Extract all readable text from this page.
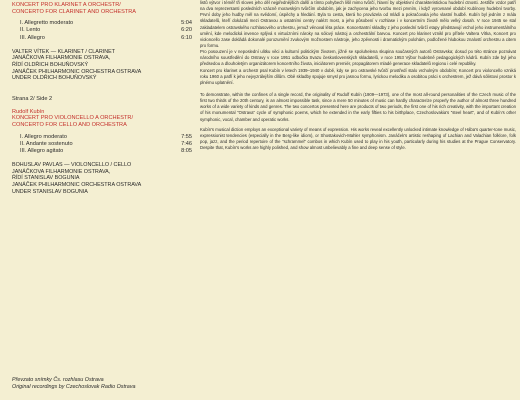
KONCERT PRO KLARINET A ORCHESTR/
CONCERTO FOR CLARINET AND ORCHESTRA
I. Allegretto moderato	5:04
II. Lento	6:20
III. Allegro	6:10
VALTER VÍTEK — KLARINET / CLARINET
JANÁČKOVA FILHARMONIE OSTRAVA,
ŘÍDÍ OLDŘICH BOHUŇOVSKÝ
JANÁČEK PHILHARMONIC ORCHESTRA OSTRAVA
UNDER OLDŘICH BOHUŇOVSKÝ
Strana 2/ Side 2
Rudolf Kubín
KONCERT PRO VIOLONCELLO A ORCHESTR/
CONCERTO FOR CELLO AND ORCHESTRA
I. Allegro moderato	7:55
II. Andante sostenuto	7:46
III. Allegro agitato	8:05
BOHUSLAV PAVLAS — VIOLONCELLO / CELLO
JANÁČKOVA FILHARMONIE OSTRAVA,
ŘÍDÍ STANISLAV BOGUNIA
JANÁČEK PHILHARMONIC ORCHESTRA OSTRAVA
UNDER STANISLAV BOGUNIA
Převzato snímky Čs. rozhlasu Ostrava
Original recordings by Czechoslovak Radio Ostrava

listů výtvor i téměř tři sloves jeho děl nejpřednějších další a tímto pohybech lišil mimo tvůrčí, hlavní by objektivní charakteristickou hudební ctnosti. Jestliže vzdor patří na dva reprezentanti posledních vzácně moravským tvůrčím obdobím, jak je zachycena jeho tvorbu mezi prvním, i když vyrovnané období Kubínovy hudební tvorby. První doby jeho hudby měl na svědomí, úspěchy a hledání. Byla to cesta, která ho provázela od mládí a pokračovala jeho vlastní hudbě. Kubín byl jedním z mála skladatelů, kteří dokázali mezi Ostravou a ostatními centry nalézt most, a jeho působení v rozhlase i v koncertním životě mělo velký dosah. V roce 1945 se stal zakladatelem ostravského rozhlasového orchestru, jemuž věnoval léta práce. Koncertantní skladby z jeho poslední tvůrčí etapy představují vrchol jeho instrumentálního umění, kde melodická invence splývá s virtuózními nároky na sólový nástroj a orchestrální barvou. Koncert pro klarinet vznikl pro přítele Valtera Vítka, Koncert pro violoncello zase dokládá dokonalé porozumění zvukovým možnostem nástroje, jeho zpěvnosti i dramatickým polohám, podložené hlubokou znalostí orchestru a citem pro formu.

Pro posouzení je v neposlední ulitku věci a kulturní politickým životem, jižně se spoluhelena skupina současných autorů Ostravska; dosud po této stránce poznávat národního soustředění do Ostravy v roce 1951 odbočka Svazu československých skladatelů, v roce 1953 Výbor hudebně pedagogických kádrů. Kubín zde byl jeho předsedou a dlouholetým organizátorem koncertního života, iniciátorem premiér, propagátorem mladé generace skladatelů regionu i celé republiky.

Koncert pro klarinet a orchestr psal Kubín v letech 1939–1940 v době, kdy se pro ostravské tvůrčí prostředí stalo vrcholným obdobím; Koncert pro violoncello vzniká roku 1960 a patří k jeho nejvyzrálejším dílům. Obě skladby spojuje smysl pro jasnou formu, lyrickou melodiku a osobitou práci s orchestrem, jež dává sólistovi prostor k plnému uplatnění.

To demonstrate, within the confines of a single record, the originality of Rudolf Kubín (1909—1973), one of the most all-round personalities of the Czech music of the first two thirds of the 20th century, is an almost impossible task, since a mere 50 minutes of music can hardly characterize properly the author of almost three hundred works of a wide variety of kinds and genres. The two concertos presented here are products of two periods, the first one of his rich creativity, with the important creation of his monumental "Ostrava" cycle of symphonic poems, which he extended in the early fifties to his birthplace, Czechoslovakia's "steel heart", and of Kubín's other symphonic, vocal, chamber and operatic works.

Kubín's musical diction employs an exceptional variety of means of expression. His works reveal excellently unlocked intimate knowledge of Hába's quarter-tone music, expressionist tendencies (especially in the Berg-like idiom), or Shostakovich-Mahler symphonism. Janáček's artistic reshaping of Lachian and Valachian folklore, folk pop, jazz, and the period repertoire of the "schrammel" combos in which Kubín used to play in his youth, particularly during his studies at the Prague Conservatory. Despite that, Kubín's works are highly polished, and show almost unbelievably a fine and deep sense of style.
